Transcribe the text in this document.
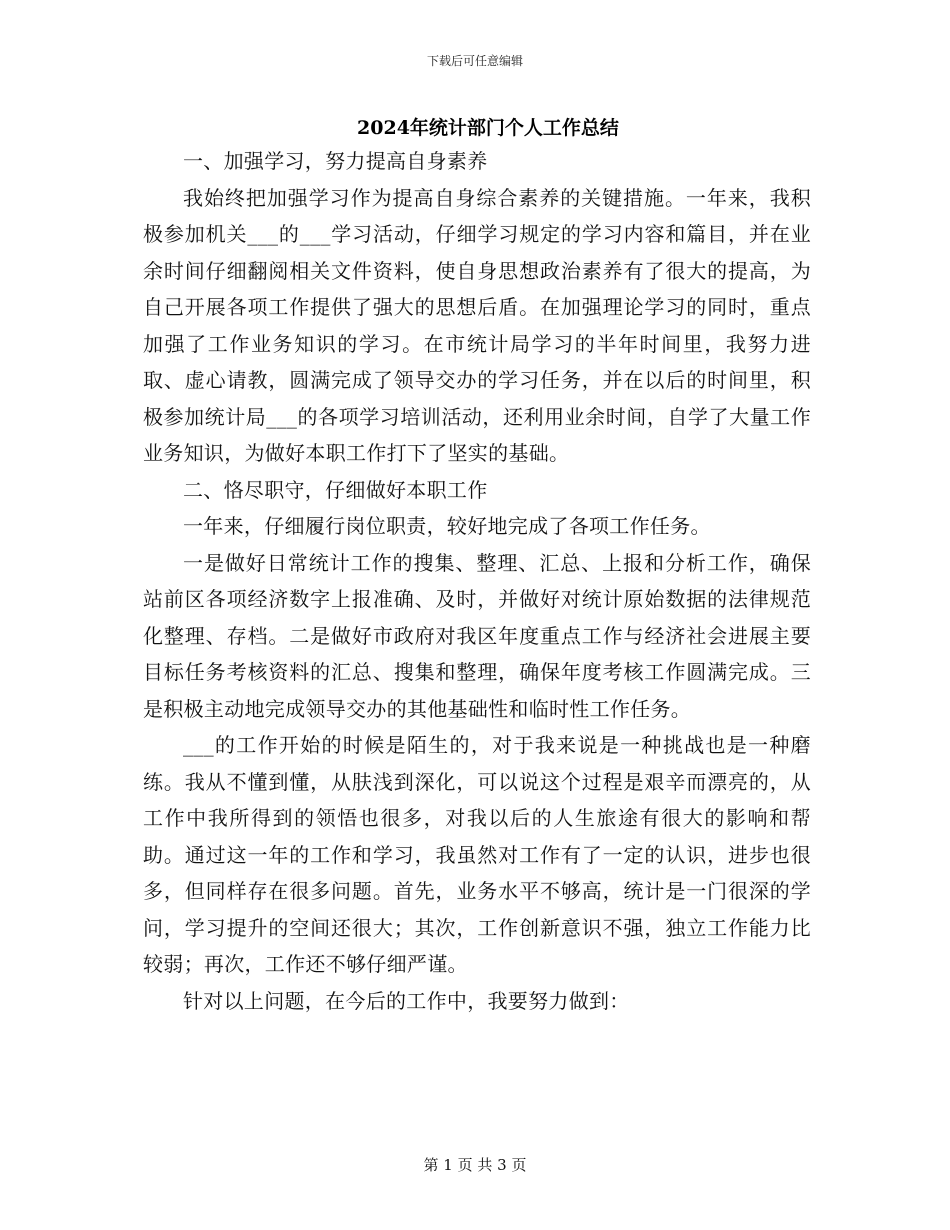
下载后可任意编辑
2024年统计部门个人工作总结

一、加强学习，努力提高自身素养

我始终把加强学习作为提高自身综合素养的关键措施。一年来，我积极参加机关___的___学习活动，仔细学习规定的学习内容和篇目，并在业余时间仔细翻阅相关文件资料，使自身思想政治素养有了很大的提高，为自己开展各项工作提供了强大的思想后盾。在加强理论学习的同时，重点加强了工作业务知识的学习。在市统计局学习的半年时间里，我努力进取、虚心请教，圆满完成了领导交办的学习任务，并在以后的时间里，积极参加统计局___的各项学习培训活动，还利用业余时间，自学了大量工作业务知识，为做好本职工作打下了坚实的基础。

二、恪尽职守，仔细做好本职工作

一年来，仔细履行岗位职责，较好地完成了各项工作任务。

一是做好日常统计工作的搜集、整理、汇总、上报和分析工作，确保站前区各项经济数字上报准确、及时，并做好对统计原始数据的法律规范化整理、存档。二是做好市政府对我区年度重点工作与经济社会进展主要目标任务考核资料的汇总、搜集和整理，确保年度考核工作圆满完成。三是积极主动地完成领导交办的其他基础性和临时性工作任务。

___的工作开始的时候是陌生的，对于我来说是一种挑战也是一种磨练。我从不懂到懂，从肤浅到深化，可以说这个过程是艰辛而漂亮的，从工作中我所得到的领悟也很多，对我以后的人生旅途有很大的影响和帮助。通过这一年的工作和学习，我虽然对工作有了一定的认识，进步也很多，但同样存在很多问题。首先，业务水平不够高，统计是一门很深的学问，学习提升的空间还很大；其次，工作创新意识不强，独立工作能力比较弱；再次，工作还不够仔细严谨。

针对以上问题，在今后的工作中，我要努力做到：

第 1 页 共 3 页
